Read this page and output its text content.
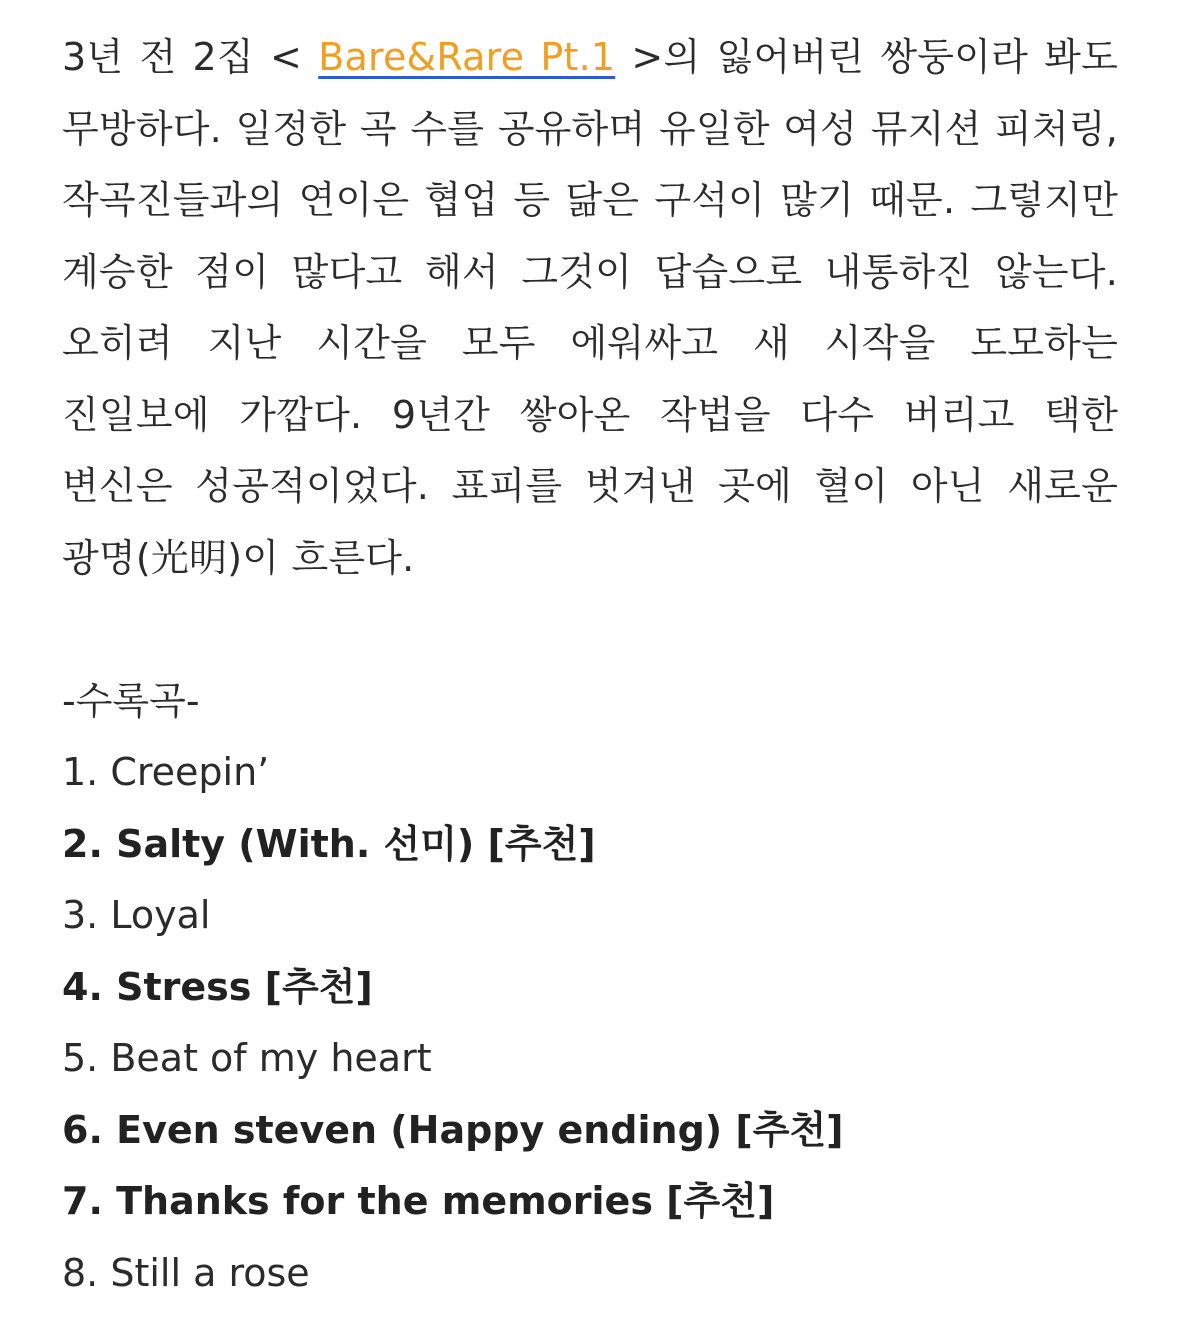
3년 전 2집 < Bare&Rare Pt.1 >의 잃어버린 쌍둥이라 봐도 무방하다. 일정한 곡 수를 공유하며 유일한 여성 뮤지션 피처링, 작곡진들과의 연이은 협업 등 닮은 구석이 많기 때문. 그렇지만 계승한 점이 많다고 해서 그것이 답습으로 내통하진 않는다. 오히려 지난 시간을 모두 에워싸고 새 시작을 도모하는 진일보에 가깝다. 9년간 쌓아온 작법을 다수 버리고 택한 변신은 성공적이었다. 표피를 벗겨낸 곳에 혈이 아닌 새로운 광명(光明)이 흐른다.

-수록곡-

1. Creepin’
2. Salty (With. 선미) [추천]
3. Loyal
4. Stress [추천]
5. Beat of my heart
6. Even steven (Happy ending) [추천]
7. Thanks for the memories [추천]
8. Still a rose
